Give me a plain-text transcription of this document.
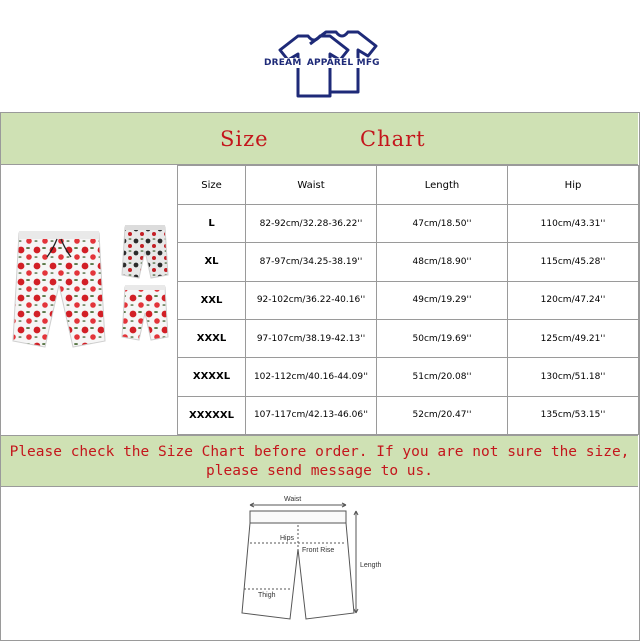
DREAM APPAREL MFG
Size	Chart
Size	Waist	Length	Hip
L	82-92cm/32.28-36.22''	47cm/18.50''	110cm/43.31''
XL	87-97cm/34.25-38.19''	48cm/18.90''	115cm/45.28''
XXL	92-102cm/36.22-40.16''	49cm/19.29''	120cm/47.24''
XXXL	97-107cm/38.19-42.13''	50cm/19.69''	125cm/49.21''
XXXXL	102-112cm/40.16-44.09''	51cm/20.08''	130cm/51.18''
XXXXXL	107-117cm/42.13-46.06''	52cm/20.47''	135cm/53.15''
Please check the Size Chart before order. If you are not sure the size,
please send message to us.
Waist
Hips
Front Rise
Length
Thigh
